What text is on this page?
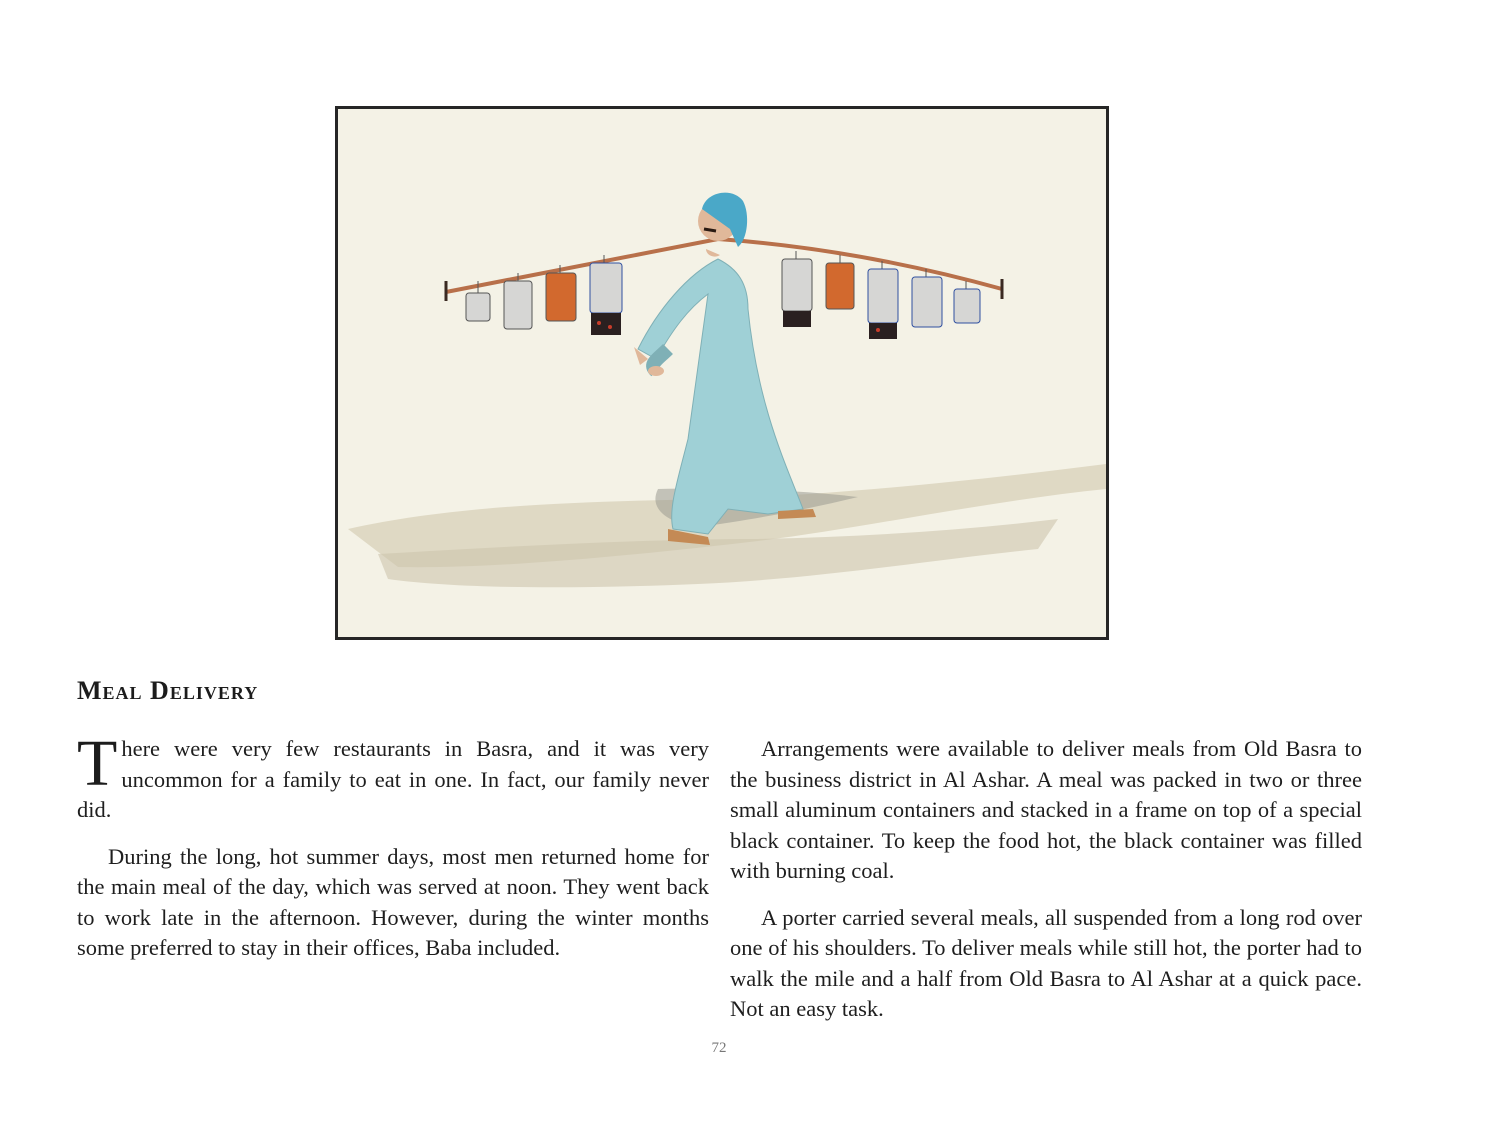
Meal Delivery

There were very few restaurants in Basra, and it was very uncommon for a family to eat in one. In fact, our family never did.

During the long, hot summer days, most men returned home for the main meal of the day, which was served at noon. They went back to work late in the afternoon. However, during the winter months some preferred to stay in their offices, Baba included.

Arrangements were available to deliver meals from Old Basra to the business district in Al Ashar. A meal was packed in two or three small aluminum containers and stacked in a frame on top of a special black container. To keep the food hot, the black container was filled with burning coal.

A porter carried several meals, all suspended from a long rod over one of his shoulders. To deliver meals while still hot, the porter had to walk the mile and a half from Old Basra to Al Ashar at a quick pace. Not an easy task.

72
